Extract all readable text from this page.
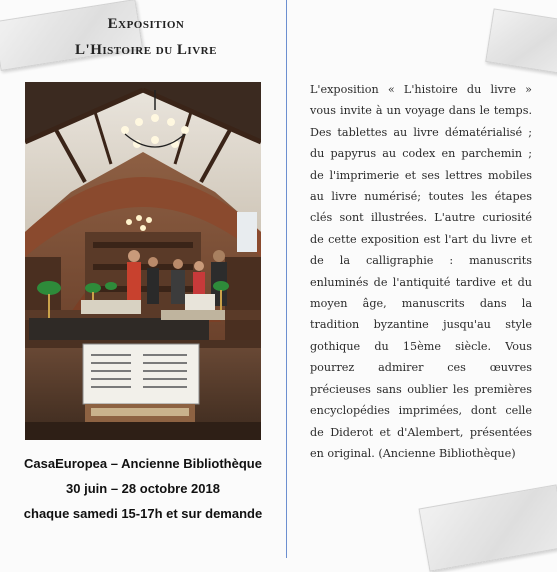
Exposition
L'Histoire du Livre
CasaEuropea – Ancienne Bibliothèque
30 juin – 28 octobre 2018
chaque samedi 15-17h et sur demande

L'exposition « L'histoire du livre » vous invite à un voyage dans le temps. Des tablettes au livre dématérialisé ; du papyrus au codex en parchemin ; de l'imprimerie et ses lettres mobiles au livre numérisé; toutes les étapes clés sont illustrées. L'autre curiosité de cette exposition est l'art du livre et de la calligraphie : manuscrits enluminés de l'antiquité tardive et du moyen âge, manuscrits dans la tradition byzantine jusqu'au style gothique du 15ème siècle. Vous pourrez admirer ces œuvres précieuses sans oublier les premières encyclopédies imprimées, dont celle de Diderot et d'Alembert, présentées en original. (Ancienne Bibliothèque)
